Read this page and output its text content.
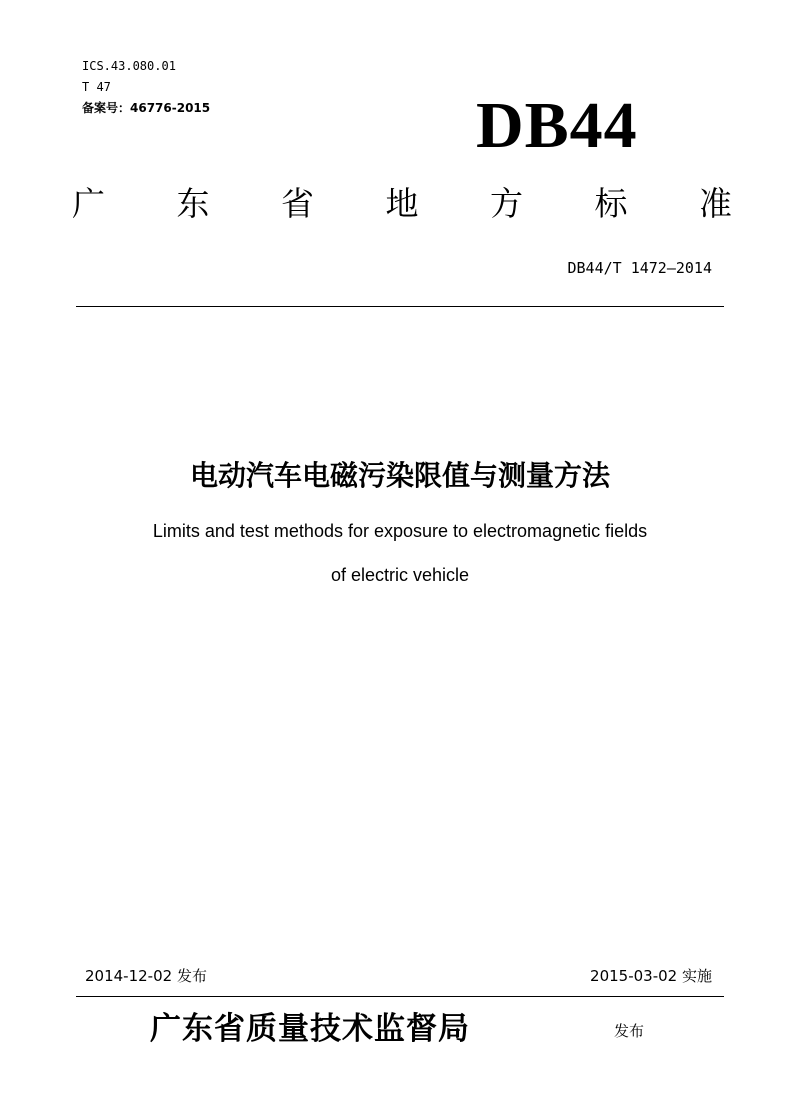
ICS.43.080.01
T 47
备案号：46776-2015	DB44
广 东 省 地 方 标 准
DB44/T 1472—2014
电动汽车电磁污染限值与测量方法
Limits and test methods for exposure to electromagnetic fields
of electric vehicle
2014-12-02 发布	2015-03-02 实施
广东省质量技术监督局	发布
